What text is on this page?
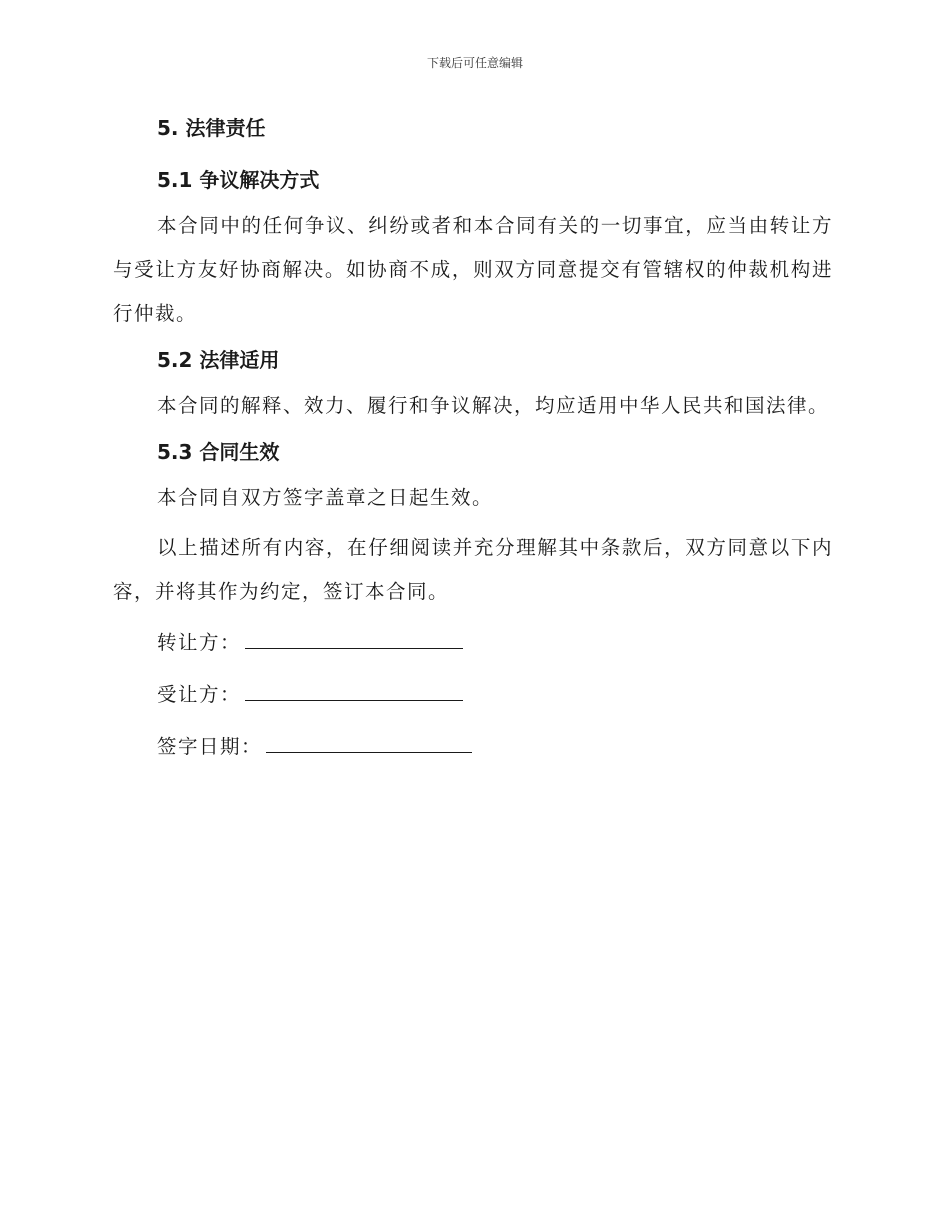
下载后可任意编辑
5. 法律责任
5.1 争议解决方式

本合同中的任何争议、纠纷或者和本合同有关的一切事宜，应当由转让方与受让方友好协商解决。如协商不成，则双方同意提交有管辖权的仲裁机构进行仲裁。

5.2 法律适用

本合同的解释、效力、履行和争议解决，均应适用中华人民共和国法律。

5.3 合同生效

本合同自双方签字盖章之日起生效。

以上描述所有内容，在仔细阅读并充分理解其中条款后，双方同意以下内容，并将其作为约定，签订本合同。

转让方：
受让方：
签字日期：
